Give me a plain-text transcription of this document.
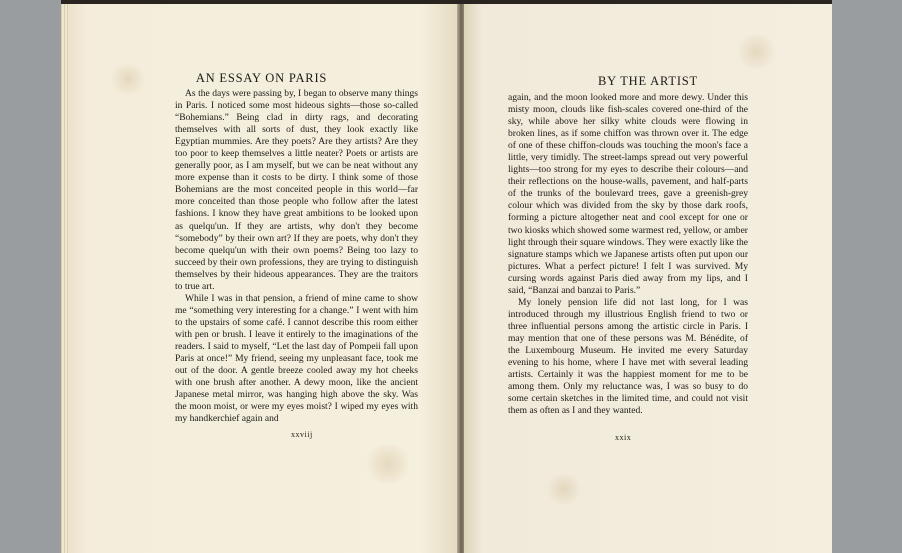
AN ESSAY ON PARIS

As the days were passing by, I began to observe many things in Paris. I noticed some most hideous sights—those so-called “Bohemians.” Being clad in dirty rags, and decorating themselves with all sorts of dust, they look exactly like Egyptian mummies. Are they poets? Are they artists? Are they too poor to keep themselves a little neater? Poets or artists are generally poor, as I am myself, but we can be neat without any more expense than it costs to be dirty. I think some of those Bohemians are the most conceited people in this world—far more conceited than those people who follow after the latest fashions. I know they have great ambitions to be looked upon as quelqu'un. If they are artists, why don't they become “somebody” by their own art? If they are poets, why don't they become quelqu'un with their own poems? Being too lazy to succeed by their own professions, they are trying to distinguish themselves by their hideous appearances. They are the traitors to true art.

While I was in that pension, a friend of mine came to show me “something very interesting for a change.” I went with him to the upstairs of some café. I cannot describe this room either with pen or brush. I leave it entirely to the imaginations of the readers. I said to myself, “Let the last day of Pompeii fall upon Paris at once!” My friend, seeing my unpleasant face, took me out of the door. A gentle breeze cooled away my hot cheeks with one brush after another. A dewy moon, like the ancient Japanese metal mirror, was hanging high above the sky. Was the moon moist, or were my eyes moist? I wiped my eyes with my handkerchief again and

xxviij
BY THE ARTIST

again, and the moon looked more and more dewy. Under this misty moon, clouds like fish-scales covered one-third of the sky, while above her silky white clouds were flowing in broken lines, as if some chiffon was thrown over it. The edge of one of these chiffon-clouds was touching the moon's face a little, very timidly. The street-lamps spread out very powerful lights—too strong for my eyes to describe their colours—and their reflections on the house-walls, pavement, and half-parts of the trunks of the boulevard trees, gave a greenish-grey colour which was divided from the sky by those dark roofs, forming a picture altogether neat and cool except for one or two kiosks which showed some warmest red, yellow, or amber light through their square windows. They were exactly like the signature stamps which we Japanese artists often put upon our pictures. What a perfect picture! I felt I was survived. My cursing words against Paris died away from my lips, and I said, “Banzai and banzai to Paris.”

My lonely pension life did not last long, for I was introduced through my illustrious English friend to two or three influential persons among the artistic circle in Paris. I may mention that one of these persons was M. Bénédite, of the Luxembourg Museum. He invited me every Saturday evening to his home, where I have met with several leading artists. Certainly it was the happiest moment for me to be among them. Only my reluctance was, I was so busy to do some certain sketches in the limited time, and could not visit them as often as I and they wanted.

xxix
